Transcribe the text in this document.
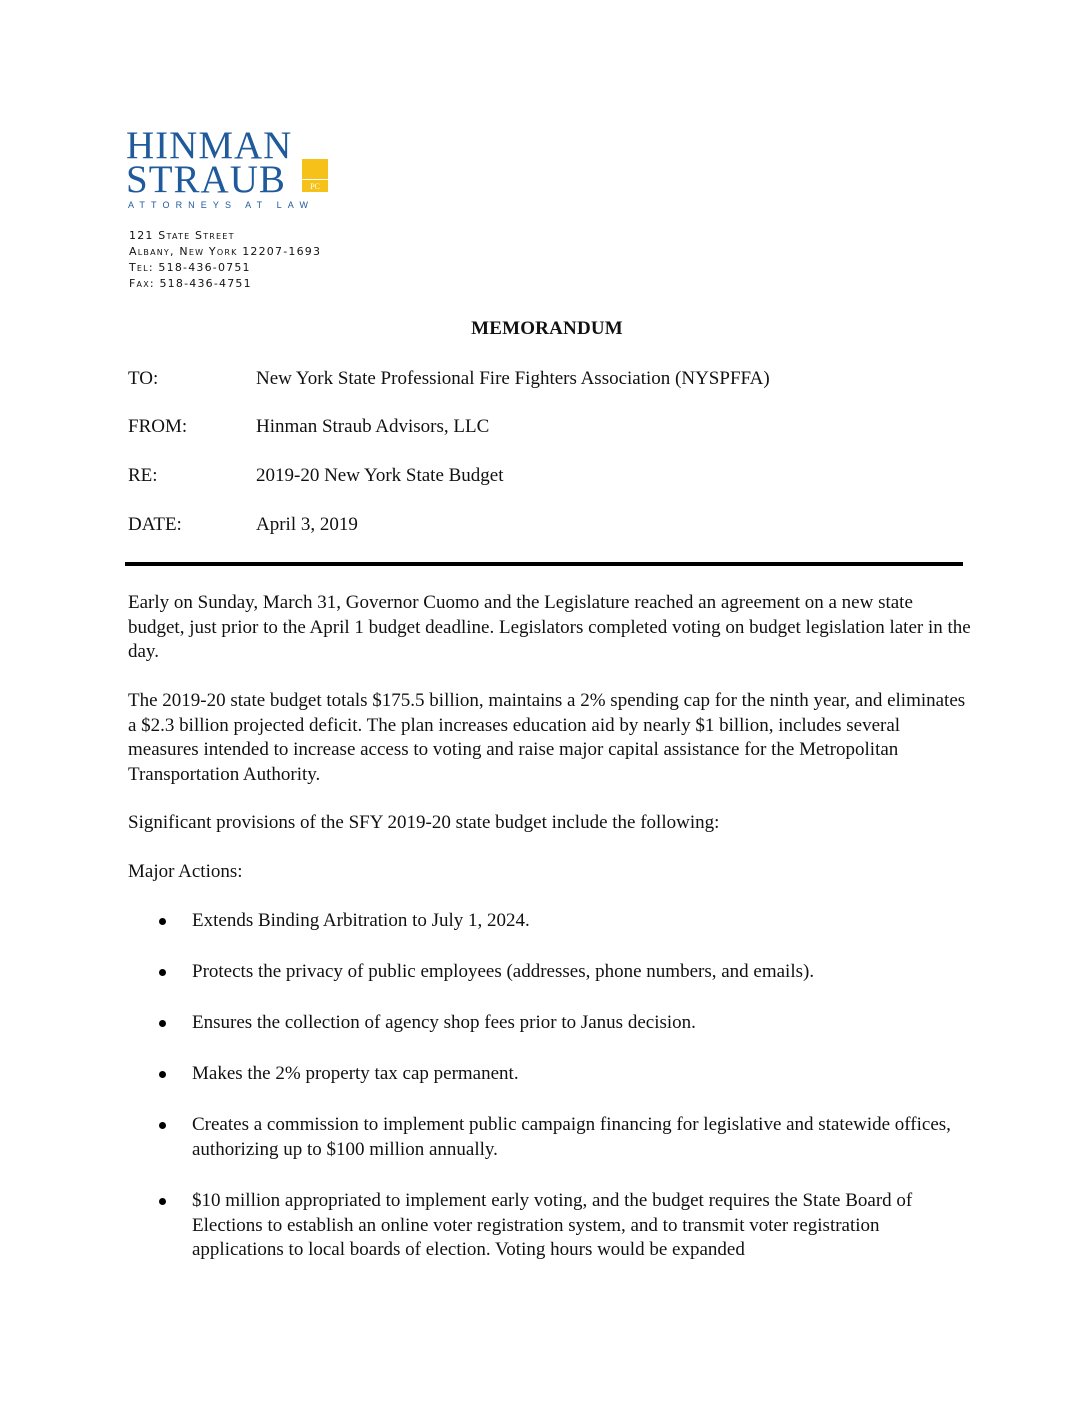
HINMAN
STRAUB	PC
ATTORNEYS AT LAW
121 State Street
Albany, New York 12207-1693
Tel: 518-436-0751
Fax: 518-436-4751
MEMORANDUM
TO:	New York State Professional Fire Fighters Association (NYSPFFA)
FROM:	Hinman Straub Advisors, LLC
RE:	2019-20 New York State Budget
DATE:	April 3, 2019
Early on Sunday, March 31, Governor Cuomo and the Legislature reached an agreement on a new state budget, just prior to the April 1 budget deadline. Legislators completed voting on budget legislation later in the day.
The 2019-20 state budget totals $175.5 billion, maintains a 2% spending cap for the ninth year, and eliminates a $2.3 billion projected deficit. The plan increases education aid by nearly $1 billion, includes several measures intended to increase access to voting and raise major capital assistance for the Metropolitan Transportation Authority.
Significant provisions of the SFY 2019-20 state budget include the following:
Major Actions:
Extends Binding Arbitration to July 1, 2024.
Protects the privacy of public employees (addresses, phone numbers, and emails).
Ensures the collection of agency shop fees prior to Janus decision.
Makes the 2% property tax cap permanent.
Creates a commission to implement public campaign financing for legislative and statewide offices, authorizing up to $100 million annually.
$10 million appropriated to implement early voting, and the budget requires the State Board of Elections to establish an online voter registration system, and to transmit voter registration applications to local boards of election. Voting hours would be expanded
